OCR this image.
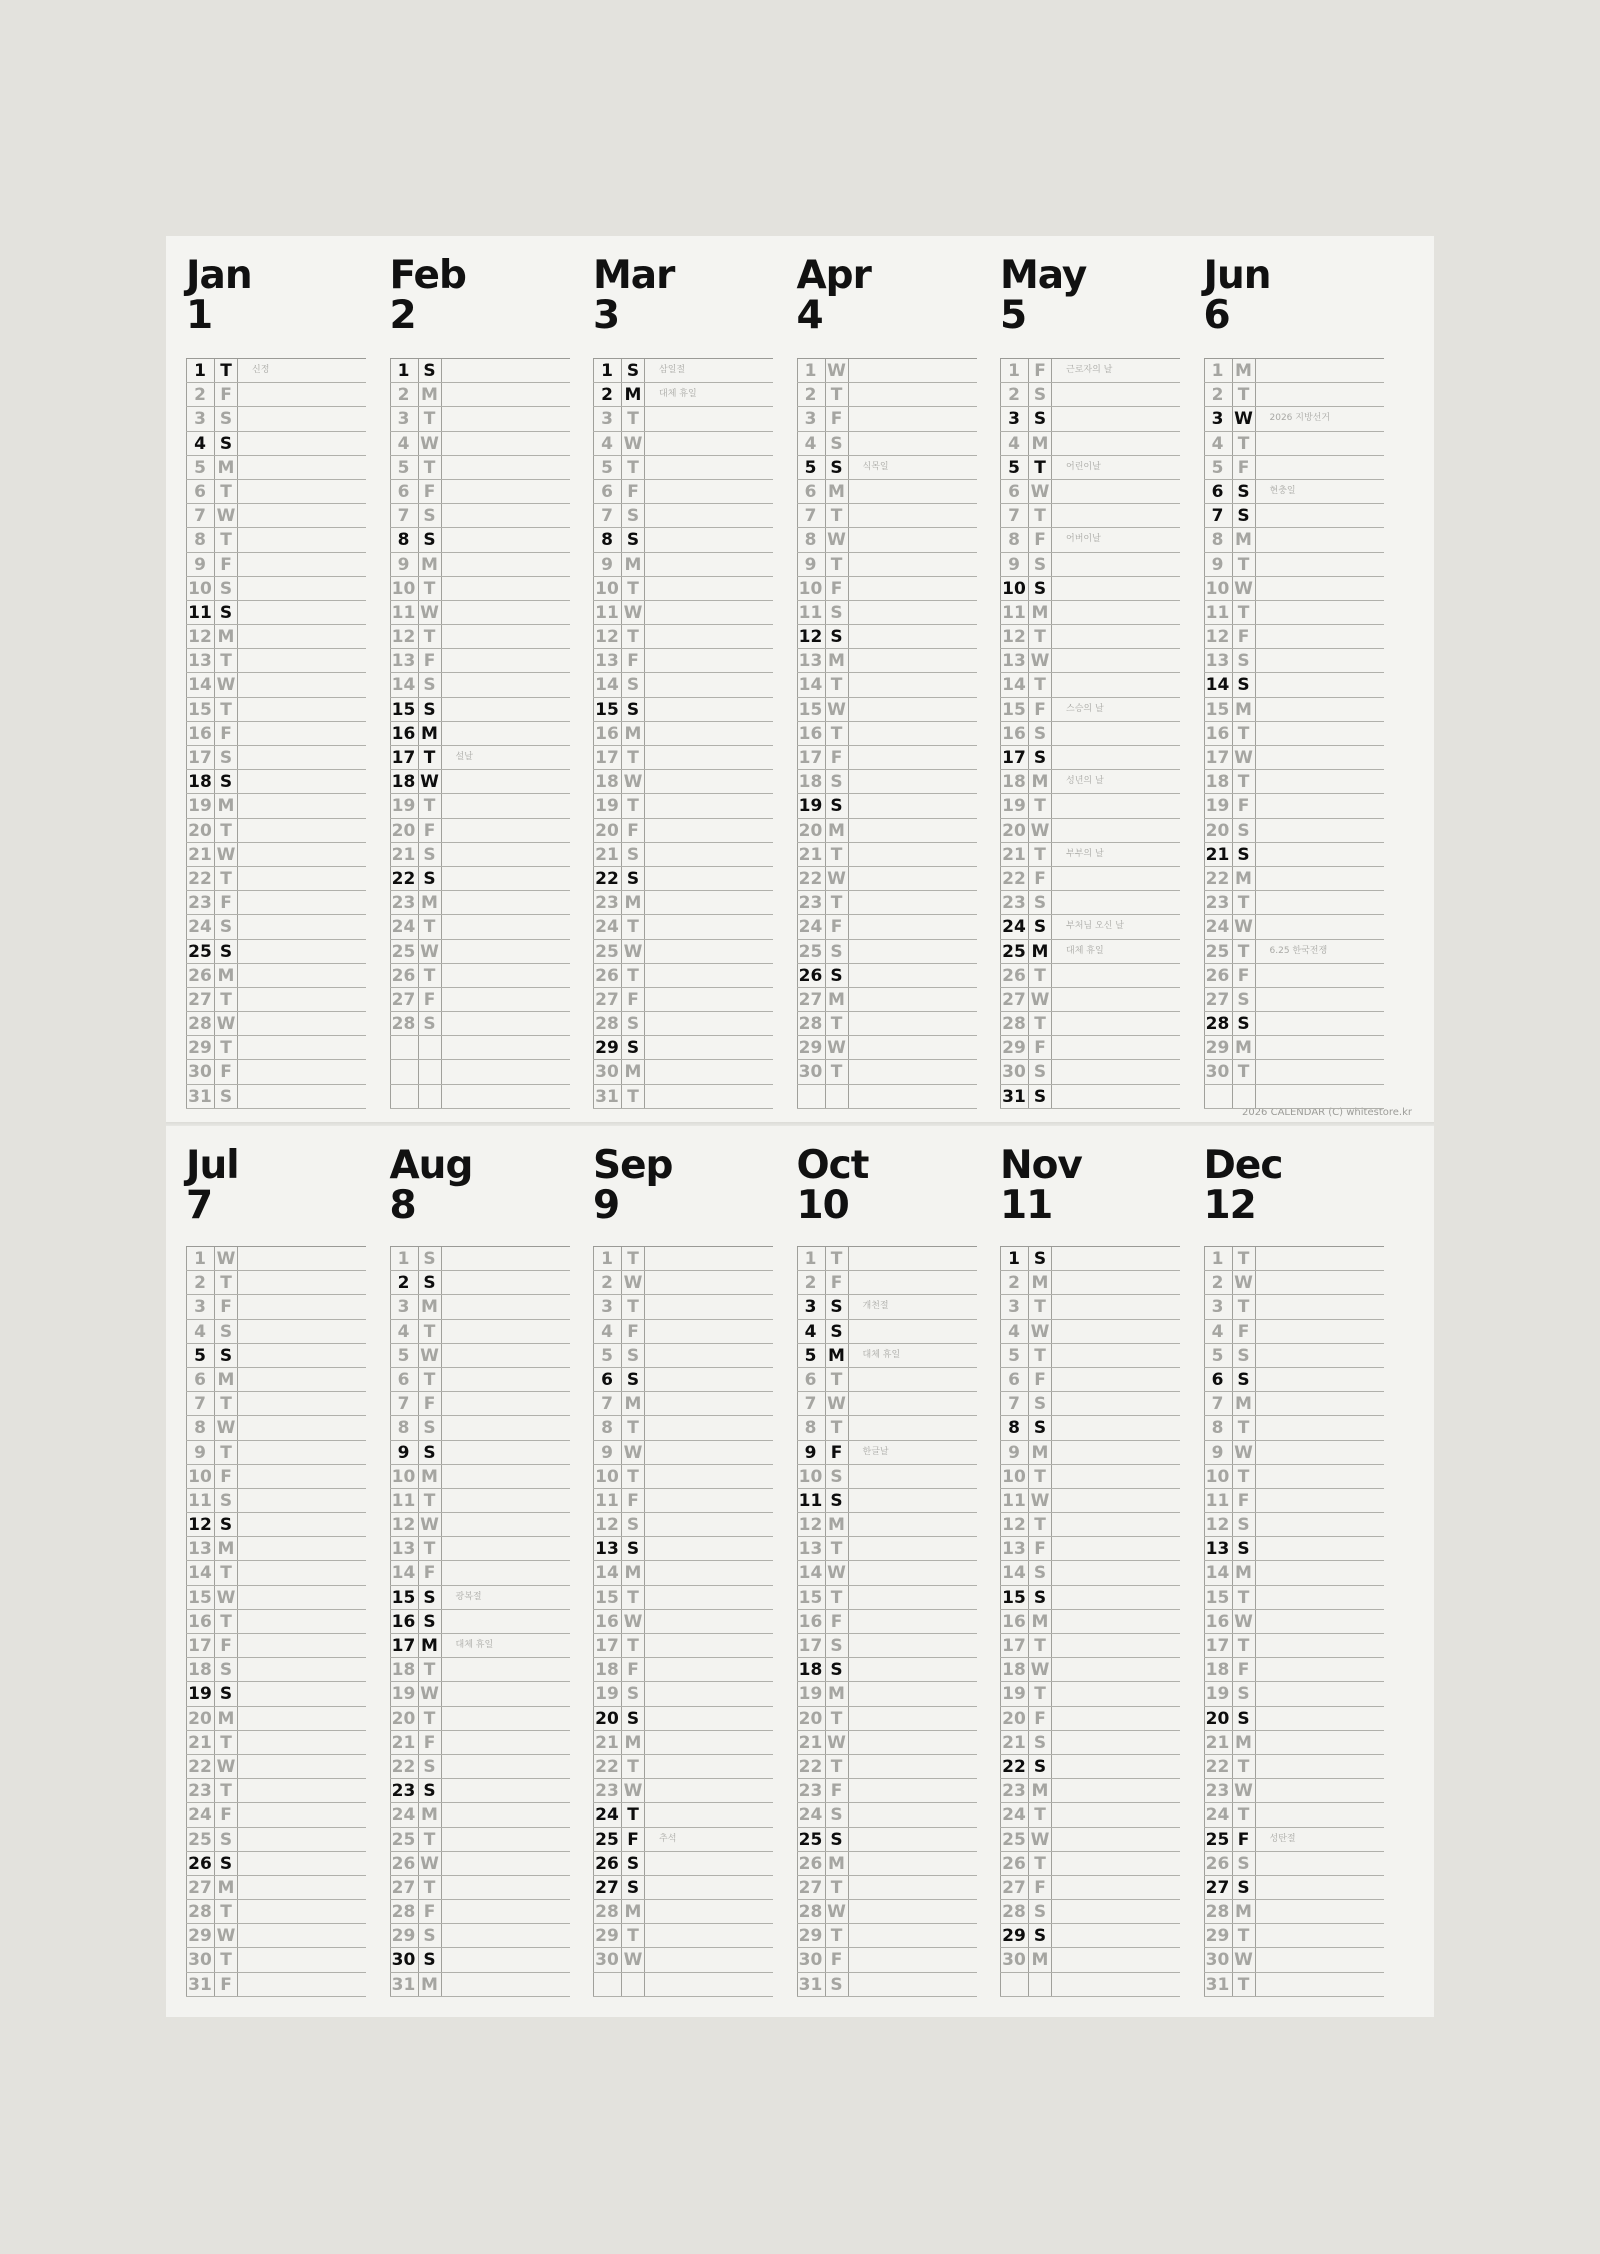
2026 CALENDAR (C) whitestore.kr
Jan
1
1 T	신정
2 F
3 S
4 S
5 M
6 T
7 W
8 T
9 F
10 S
11 S
12 M
13 T
14 W
15 T
16 F
17 S
18 S
19 M
20 T
21 W
22 T
23 F
24 S
25 S
26 M
27 T
28 W
29 T
30 F
31 S
Feb
2
1 S
2 M
3 T
4 W
5 T
6 F
7 S
8 S
9 M
10 T
11 W
12 T
13 F
14 S
15 S
16 M
17 T	설날
18 W
19 T
20 F
21 S
22 S
23 M
24 T
25 W
26 T
27 F
28 S
Mar
3
1 S	삼일절
2 M	대체 휴일
3 T
4 W
5 T
6 F
7 S
8 S
9 M
10 T
11 W
12 T
13 F
14 S
15 S
16 M
17 T
18 W
19 T
20 F
21 S
22 S
23 M
24 T
25 W
26 T
27 F
28 S
29 S
30 M
31 T
Apr
4
1 W
2 T
3 F
4 S
5 S	식목일
6 M
7 T
8 W
9 T
10 F
11 S
12 S
13 M
14 T
15 W
16 T
17 F
18 S
19 S
20 M
21 T
22 W
23 T
24 F
25 S
26 S
27 M
28 T
29 W
30 T
May
5
1 F	근로자의 날
2 S
3 S
4 M
5 T	어린이날
6 W
7 T
8 F	어버이날
9 S
10 S
11 M
12 T
13 W
14 T
15 F	스승의 날
16 S
17 S
18 M	성년의 날
19 T
20 W
21 T	부부의 날
22 F
23 S
24 S	부처님 오신 날
25 M	대체 휴일
26 T
27 W
28 T
29 F
30 S
31 S
Jun
6
1 M
2 T
3 W 2026 지방선거
4 T
5 F
6 S	현충일
7 S
8 M
9 T
10 W
11 T
12 F
13 S
14 S
15 M
16 T
17 W
18 T
19 F
20 S
21 S
22 M
23 T
24 W
25 T	6.25 한국전쟁
26 F
27 S
28 S
29 M
30 T
Jul
7
1 W
2 T
3 F
4 S
5 S
6 M
7 T
8 W
9 T
10 F
11 S
12 S
13 M
14 T
15 W
16 T
17 F
18 S
19 S
20 M
21 T
22 W
23 T
24 F
25 S
26 S
27 M
28 T
29 W
30 T
31 F
Aug
8
1 S
2 S
3 M
4 T
5 W
6 T
7 F
8 S
9 S
10 M
11 T
12 W
13 T
14 F
15 S	광복절
16 S
17 M	대체 휴일
18 T
19 W
20 T
21 F
22 S
23 S
24 M
25 T
26 W
27 T
28 F
29 S
30 S
31 M
Sep
9
1 T
2 W
3 T
4 F
5 S
6 S
7 M
8 T
9 W
10 T
11 F
12 S
13 S
14 M
15 T
16 W
17 T
18 F
19 S
20 S
21 M
22 T
23 W
24 T
25 F	추석
26 S
27 S
28 M
29 T
30 W
Oct
10
1 T
2 F
3 S	개천절
4 S
5 M	대체 휴일
6 T
7 W
8 T
9 F	한글날
10 S
11 S
12 M
13 T
14 W
15 T
16 F
17 S
18 S
19 M
20 T
21 W
22 T
23 F
24 S
25 S
26 M
27 T
28 W
29 T
30 F
31 S
Nov
11
1 S
2 M
3 T
4 W
5 T
6 F
7 S
8 S
9 M
10 T
11 W
12 T
13 F
14 S
15 S
16 M
17 T
18 W
19 T
20 F
21 S
22 S
23 M
24 T
25 W
26 T
27 F
28 S
29 S
30 M
Dec
12
1 T
2 W
3 T
4 F
5 S
6 S
7 M
8 T
9 W
10 T
11 F
12 S
13 S
14 M
15 T
16 W
17 T
18 F
19 S
20 S
21 M
22 T
23 W
24 T
25 F	성탄절
26 S
27 S
28 M
29 T
30 W
31 T
